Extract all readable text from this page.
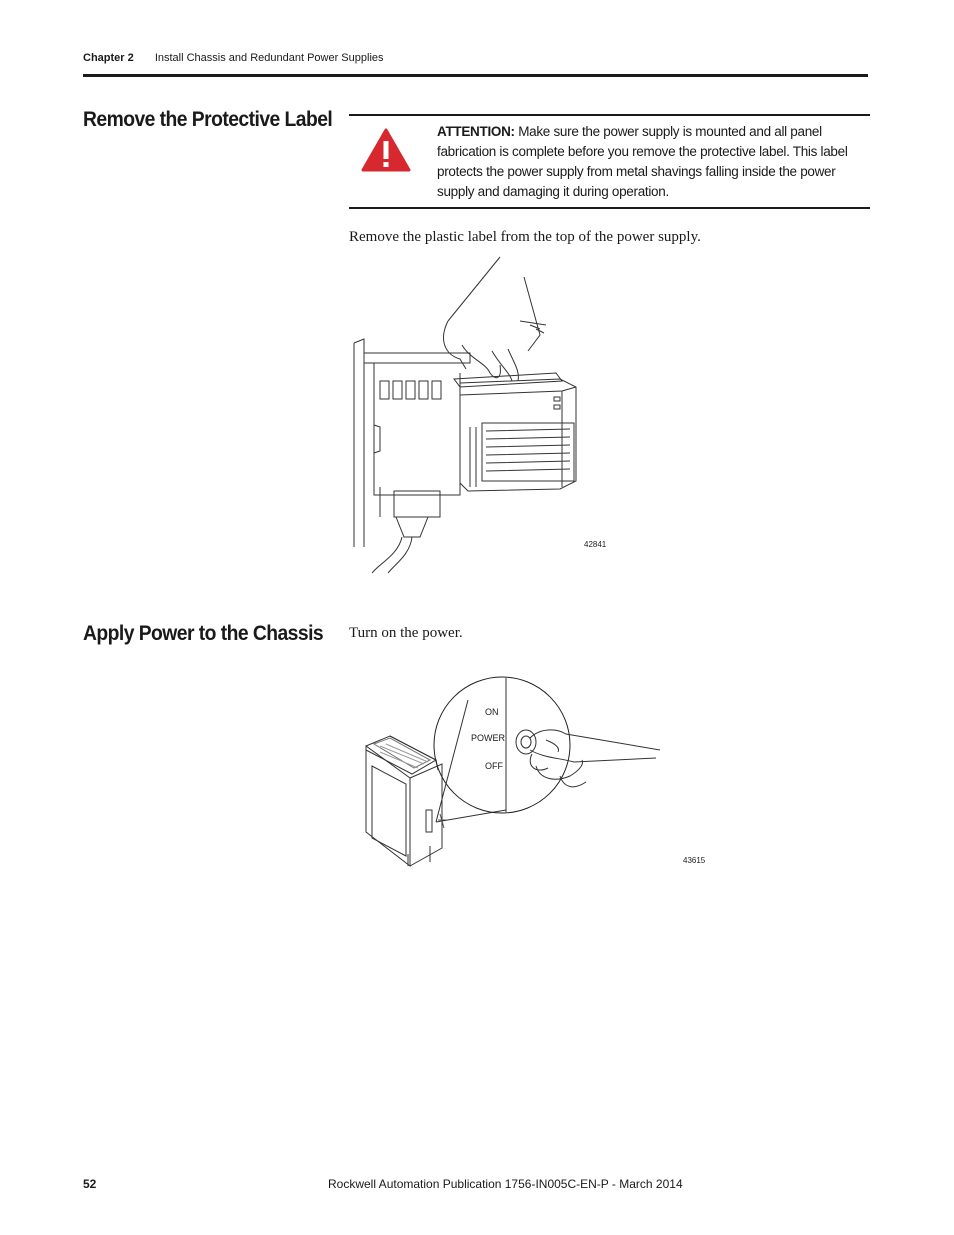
Chapter 2 Install Chassis and Redundant Power Supplies
Remove the Protective Label
ATTENTION: Make sure the power supply is mounted and all panel fabrication is complete before you remove the protective label. This label protects the power supply from metal shavings falling inside the power supply and damaging it during operation.
Remove the plastic label from the top of the power supply.
42841
Apply Power to the Chassis Turn on the power.
ON
POWER
OFF
43615
52	Rockwell Automation Publication 1756-IN005C-EN-P - March 2014
